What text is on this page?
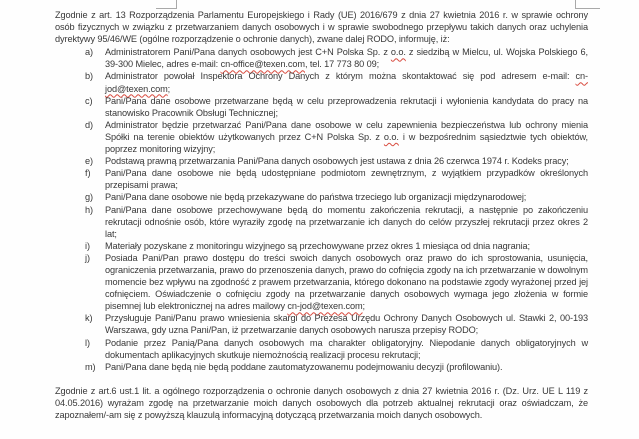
Zgodnie z art. 13 Rozporządzenia Parlamentu Europejskiego i Rady (UE) 2016/679 z dnia 27 kwietnia 2016 r. w sprawie ochrony osób fizycznych w związku z przetwarzaniem danych osobowych i w sprawie swobodnego przepływu takich danych oraz uchylenia dyrektywy 95/46/WE (ogólne rozporządzenie o ochronie danych), zwane dalej RODO, informuję, iż:

a) Administratorem Pani/Pana danych osobowych jest C+N Polska Sp. z o.o. z siedzibą w Mielcu, ul. Wojska Polskiego 6, 39-300 Mielec, adres e-mail: cn-office@texen.com, tel. 17 773 80 09;
b) Administrator powołał Inspektora Ochrony Danych z którym można skontaktować się pod adresem e-mail: cn-jod@texen.com;
c) Pani/Pana dane osobowe przetwarzane będą w celu przeprowadzenia rekrutacji i wyłonienia kandydata do pracy na stanowisko Pracownik Obsługi Technicznej;
d) Administrator będzie przetwarzać Pani/Pana dane osobowe w celu zapewnienia bezpieczeństwa lub ochrony mienia Spółki na terenie obiektów użytkowanych przez C+N Polska Sp. z o.o. i w bezpośrednim sąsiedztwie tych obiektów, poprzez monitoring wizyjny;
e) Podstawą prawną przetwarzania Pani/Pana danych osobowych jest ustawa z dnia 26 czerwca 1974 r. Kodeks pracy;
f) Pani/Pana dane osobowe nie będą udostępniane podmiotom zewnętrznym, z wyjątkiem przypadków określonych przepisami prawa;
g) Pani/Pana dane osobowe nie będą przekazywane do państwa trzeciego lub organizacji międzynarodowej;
h) Pani/Pana dane osobowe przechowywane będą do momentu zakończenia rekrutacji, a następnie po zakończeniu rekrutacji odnośnie osób, które wyraziły zgodę na przetwarzanie ich danych do celów przyszłej rekrutacji przez okres 2 lat;
i) Materiały pozyskane z monitoringu wizyjnego są przechowywane przez okres 1 miesiąca od dnia nagrania;
j) Posiada Pani/Pan prawo dostępu do treści swoich danych osobowych oraz prawo do ich sprostowania, usunięcia, ograniczenia przetwarzania, prawo do przenoszenia danych, prawo do cofnięcia zgody na ich przetwarzanie w dowolnym momencie bez wpływu na zgodność z prawem przetwarzania, którego dokonano na podstawie zgody wyrażonej przed jej cofnięciem. Oświadczenie o cofnięciu zgody na przetwarzanie danych osobowych wymaga jego złożenia w formie pisemnej lub elektronicznej na adres mailowy cn-jod@texen.com;
k) Przysługuje Pani/Panu prawo wniesienia skargi do Prezesa Urzędu Ochrony Danych Osobowych ul. Stawki 2, 00-193 Warszawa, gdy uzna Pani/Pan, iż przetwarzanie danych osobowych narusza przepisy RODO;
l) Podanie przez Panią/Pana danych osobowych ma charakter obligatoryjny. Niepodanie danych obligatoryjnych w dokumentach aplikacyjnych skutkuje niemożnością realizacji procesu rekrutacji;
m) Pani/Pana dane będą nie będą poddane zautomatyzowanemu podejmowaniu decyzji (profilowaniu).

Zgodnie z art.6 ust.1 lit. a ogólnego rozporządzenia o ochronie danych osobowych z dnia 27 kwietnia 2016 r. (Dz. Urz. UE L 119 z 04.05.2016) wyrażam zgodę na przetwarzanie moich danych osobowych dla potrzeb aktualnej rekrutacji oraz oświadczam, że zapoznałem/-am się z powyższą klauzulą informacyjną dotyczącą przetwarzania moich danych osobowych.
